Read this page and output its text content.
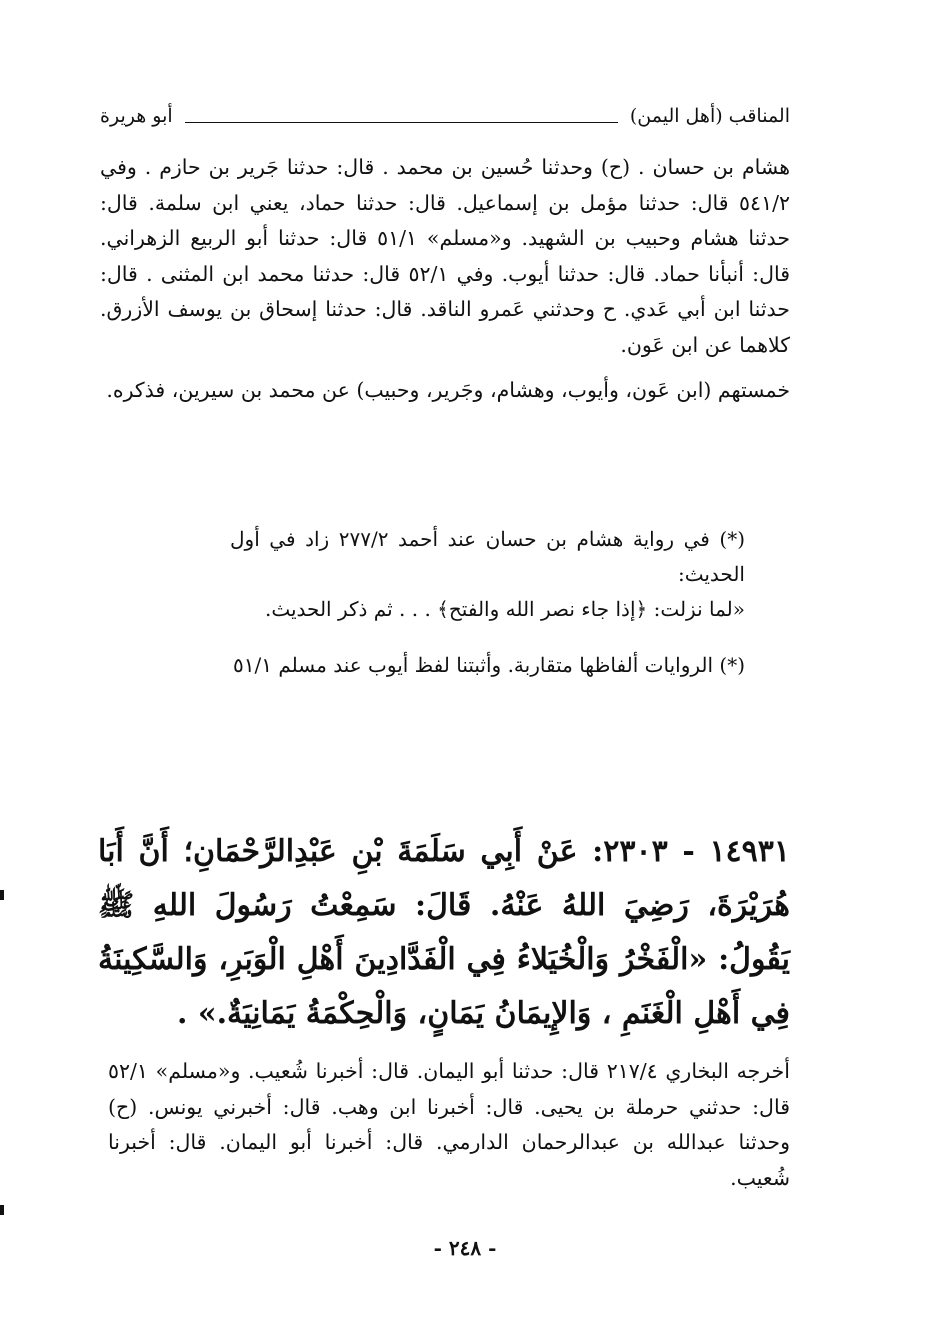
المناقب (أهل اليمن)
أبو هريرة

هشام بن حسان . (ح) وحدثنا حُسين بن محمد . قال: حدثنا جَرير بن حازم . وفي ٥٤١/٢ قال: حدثنا مؤمل بن إسماعيل. قال: حدثنا حماد، يعني ابن سلمة. قال: حدثنا هشام وحبيب بن الشهيد. و«مسلم» ٥١/١ قال: حدثنا أبو الربيع الزهراني. قال: أنبأنا حماد. قال: حدثنا أيوب. وفي ٥٢/١ قال: حدثنا محمد ابن المثنى . قال: حدثنا ابن أبي عَدي. ح وحدثني عَمرو الناقد. قال: حدثنا إسحاق بن يوسف الأزرق. كلاهما عن ابن عَون.

خمستهم (ابن عَون، وأيوب، وهشام، وجَرير، وحبيب) عن محمد بن سيرين، فذكره.

(*) في رواية هشام بن حسان عند أحمد ٢٧٧/٢ زاد في أول الحديث:

«لما نزلت: ﴿إذا جاء نصر الله والفتح﴾ . . . ثم ذكر الحديث.

(*) الروايات ألفاظها متقاربة. وأثبتنا لفظ أيوب عند مسلم ٥١/١

١٤٩٣١ - ٢٣٠٣: عَنْ أَبِي سَلَمَةَ بْنِ عَبْدِالرَّحْمَانِ؛ أَنَّ أَبَا هُرَيْرَةَ، رَضِيَ اللهُ عَنْهُ. قَالَ: سَمِعْتُ رَسُولَ اللهِ ﷺ يَقُولُ: «الْفَخْرُ وَالْخُيَلاءُ فِي الْفَدَّادِينَ أَهْلِ الْوَبَرِ، وَالسَّكِينَةُ فِي أَهْلِ الْغَنَمِ ، وَالإِيمَانُ يَمَانٍ، وَالْحِكْمَةُ يَمَانِيَةٌ.» .

أخرجه البخاري ٢١٧/٤ قال: حدثنا أبو اليمان. قال: أخبرنا شُعيب. و«مسلم» ٥٢/١ قال: حدثني حرملة بن يحيى. قال: أخبرنا ابن وهب. قال: أخبرني يونس. (ح) وحدثنا عبدالله بن عبدالرحمان الدارمي. قال: أخبرنا أبو اليمان. قال: أخبرنا شُعيب.

- ٢٤٨ -
